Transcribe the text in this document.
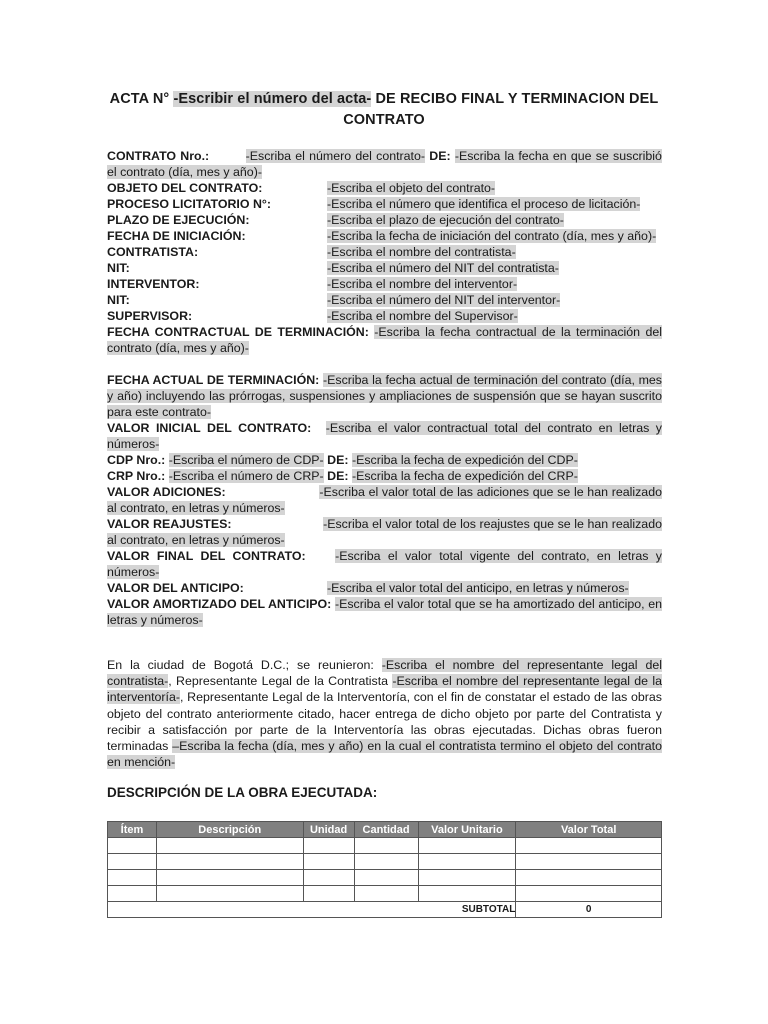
ACTA N° -Escribir el número del acta- DE RECIBO FINAL Y TERMINACION DEL CONTRATO
CONTRATO Nro.:	-Escriba el número del contrato- DE: -Escriba la fecha en que se suscribió el contrato (día, mes y año)-
OBJETO DEL CONTRATO:	-Escriba el objeto del contrato-
PROCESO LICITATORIO N°:	-Escriba el número que identifica el proceso de licitación-
PLAZO DE EJECUCIÓN:	-Escriba el plazo de ejecución del contrato-
FECHA DE INICIACIÓN:	-Escriba la fecha de iniciación del contrato (día, mes y año)-
CONTRATISTA:	-Escriba el nombre del contratista-
NIT:	-Escriba el número del NIT del contratista-
INTERVENTOR:	-Escriba el nombre del interventor-
NIT:	-Escriba el número del NIT del interventor-
SUPERVISOR:	-Escriba el nombre del Supervisor-
FECHA CONTRACTUAL DE TERMINACIÓN: -Escriba la fecha contractual de la terminación del contrato (día, mes y año)-
FECHA ACTUAL DE TERMINACIÓN: -Escriba la fecha actual de terminación del contrato (día, mes y año) incluyendo las prórrogas, suspensiones y ampliaciones de suspensión que se hayan suscrito para este contrato-
VALOR INICIAL DEL CONTRATO: -Escriba el valor contractual total del contrato en letras y números-
CDP Nro.: -Escriba el número de CDP- DE: -Escriba la fecha de expedición del CDP-
CRP Nro.: -Escriba el número de CRP- DE: -Escriba la fecha de expedición del CRP-
VALOR ADICIONES:	-Escriba el valor total de las adiciones que se le han realizado al contrato, en letras y números-
VALOR REAJUSTES:	-Escriba el valor total de los reajustes que se le han realizado al contrato, en letras y números-
VALOR FINAL DEL CONTRATO: -Escriba el valor total vigente del contrato, en letras y números-
VALOR DEL ANTICIPO:	-Escriba el valor total del anticipo, en letras y números-
VALOR AMORTIZADO DEL ANTICIPO: -Escriba el valor total que se ha amortizado del anticipo, en letras y números-
En la ciudad de Bogotá D.C.; se reunieron: -Escriba el nombre del representante legal del contratista-, Representante Legal de la Contratista -Escriba el nombre del representante legal de la interventoría-, Representante Legal de la Interventoría, con el fin de constatar el estado de las obras objeto del contrato anteriormente citado, hacer entrega de dicho objeto por parte del Contratista y recibir a satisfacción por parte de la Interventoría las obras ejecutadas. Dichas obras fueron terminadas –Escriba la fecha (día, mes y año) en la cual el contratista termino el objeto del contrato en mención-
DESCRIPCIÓN DE LA OBRA EJECUTADA:
Ítem	Descripción	Unidad	Cantidad	Valor Unitario	Valor Total

SUBTOTAL					0
